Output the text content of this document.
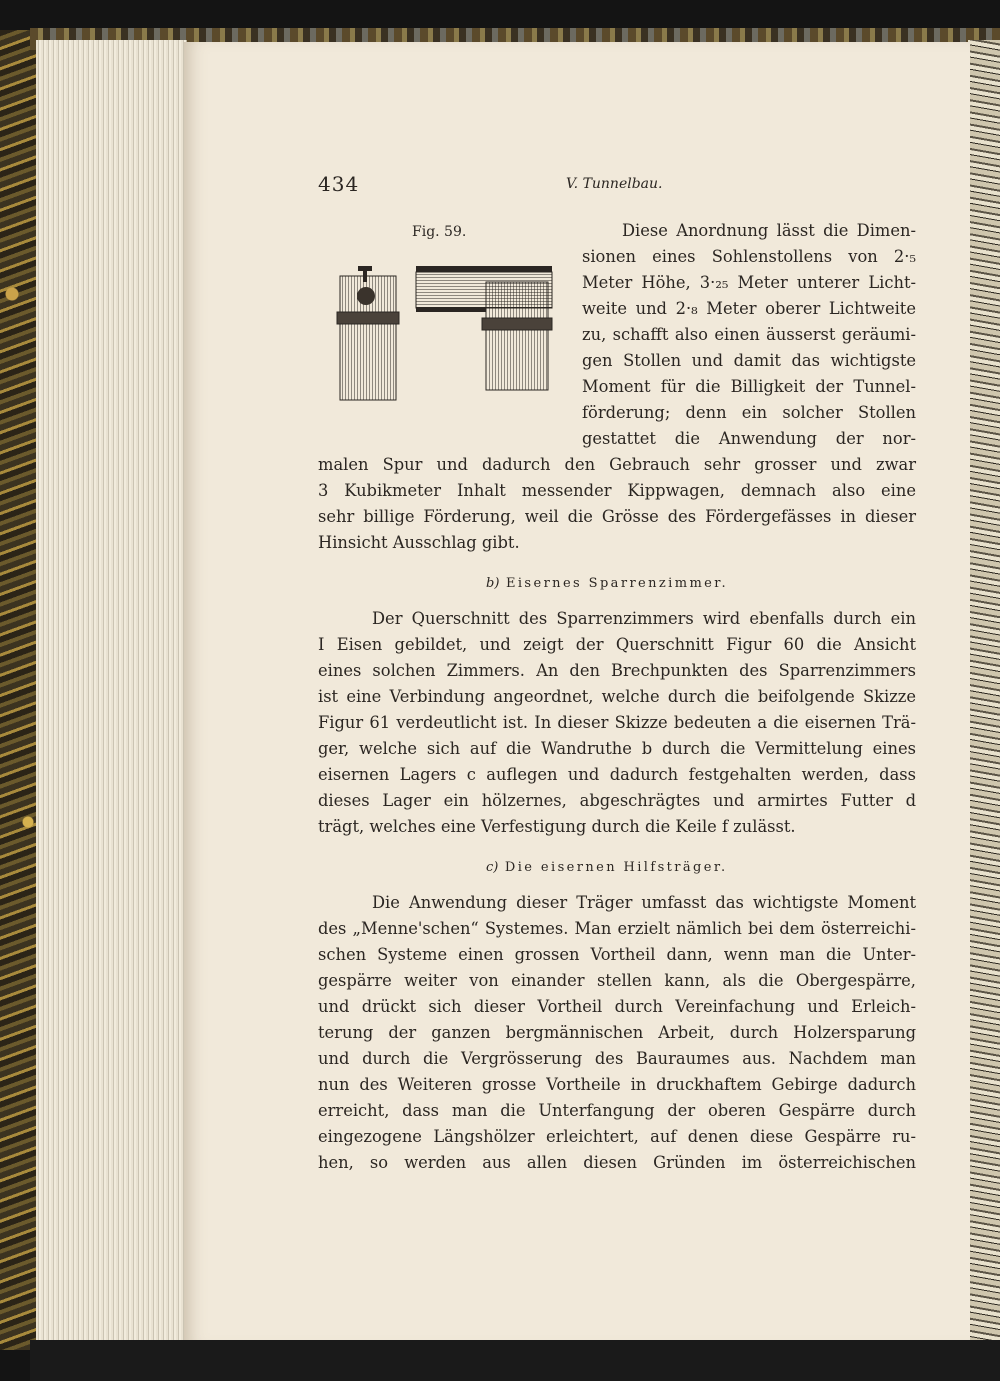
434	V. Tunnelbau.
Fig. 59.	Diese Anordnung lässt die Dimen-
sionen eines Sohlenstollens von 2·₅
Meter Höhe, 3·₂₅ Meter unterer Licht-
weite und 2·₈ Meter oberer Lichtweite
zu, schafft also einen äusserst geräumi-
gen Stollen und damit das wichtigste
Moment für die Billigkeit der Tunnel-
förderung; denn ein solcher Stollen
gestattet die Anwendung der nor-
malen Spur und dadurch den Gebrauch sehr grosser und zwar
3 Kubikmeter Inhalt messender Kippwagen, demnach also eine
sehr billige Förderung, weil die Grösse des Fördergefässes in dieser
Hinsicht Ausschlag gibt.
b) Eisernes Sparrenzimmer.
Der Querschnitt des Sparrenzimmers wird ebenfalls durch ein
I Eisen gebildet, und zeigt der Querschnitt Figur 60 die Ansicht
eines solchen Zimmers. An den Brechpunkten des Sparrenzimmers
ist eine Verbindung angeordnet, welche durch die beifolgende Skizze
Figur 61 verdeutlicht ist. In dieser Skizze bedeuten a die eisernen Trä-
ger, welche sich auf die Wandruthe b durch die Vermittelung eines
eisernen Lagers c auflegen und dadurch festgehalten werden, dass
dieses Lager ein hölzernes, abgeschrägtes und armirtes Futter d
trägt, welches eine Verfestigung durch die Keile f zulässt.
c) Die eisernen Hilfsträger.
Die Anwendung dieser Träger umfasst das wichtigste Moment
des „Menne'schen“ Systemes. Man erzielt nämlich bei dem österreichi-
schen Systeme einen grossen Vortheil dann, wenn man die Unter-
gespärre weiter von einander stellen kann, als die Obergespärre,
und drückt sich dieser Vortheil durch Vereinfachung und Erleich-
terung der ganzen bergmännischen Arbeit, durch Holzersparung
und durch die Vergrösserung des Bauraumes aus. Nachdem man
nun des Weiteren grosse Vortheile in druckhaftem Gebirge dadurch
erreicht, dass man die Unterfangung der oberen Gespärre durch
eingezogene Längshölzer erleichtert, auf denen diese Gespärre ru-
hen, so werden aus allen diesen Gründen im österreichischen
